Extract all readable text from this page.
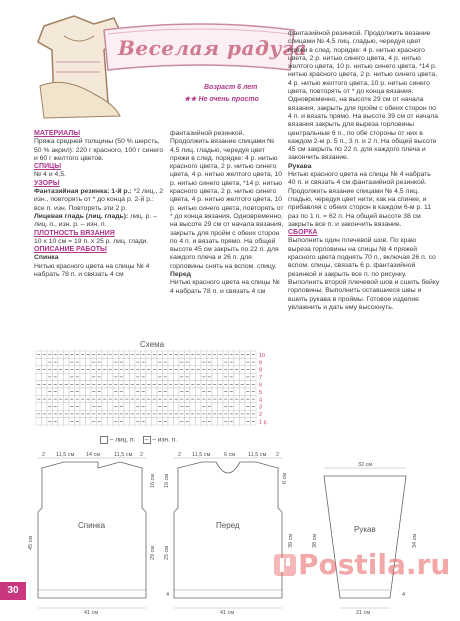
Веселая радуга
Возраст 6 лет
★★ Не очень просто

МАТЕРИАЛЫ

Пряжа средней толщины (50 % шерсть, 50 % акрил): 220 г красного, 100 г синего и 60 г желтого цветов.

СПИЦЫ

№ 4 и 4,5.

УЗОРЫ

Фантазийная резинка: 1-й р.: *2 лиц., 2 изн., повторять от * до конца р. 2-й р.: все п. изн. Повторять эти 2 р.

Лицевая гладь (лиц. гладь): лиц. р. – лиц. п., изн. р. – изн. п.

ПЛОТНОСТЬ ВЯЗАНИЯ

10 х 10 см = 19 п. х 25 р. лиц. глади.

ОПИСАНИЕ РАБОТЫ

Спинка

Нитью красного цвета на спицы № 4 набрать 78 п. и связать 4 см

фантазийной резинкой. Продолжить вязание спицами № 4,5 лиц. гладью, чередуя цвет пряжи в след. порядке: 4 р. нитью красного цвета, 2 р. нитью синего цвета, 4 р. нитью желтого цвета, 10 р. нитью синего цвета, *14 р. нитью красного цвета, 2 р. нитью синего цвета, 4 р. нитью желтого цвета, 10 р. нитью синего цвета, повторять от * до конца вязания. Одновременно, на высоте 29 см от начала вязания, закрыть для пройм с обеих сторон по 4 п. и вязать прямо. На общей высоте 45 см закрыть по 22 п. для каждого плеча и 26 п. для горловины снять на вспом. спицу.

Перед

Нитью красного цвета на спицы № 4 набрать 78 п. и связать 4 см

фантазийной резинкой. Продолжить вязание спицами № 4,5 лиц. гладью, чередуя цвет пряжи в след. порядке: 4 р. нитью красного цвета, 2 р. нитью синего цвета, 4 р. нитью желтого цвета, 10 р. нитью синего цвета, *14 р. нитью красного цвета, 2 р. нитью синего цвета, 4 р. нитью желтого цвета, 10 р. нитью синего цвета, повторять от * до конца вязания. Одновременно, на высоте 29 см от начала вязания, закрыть для пройм с обеих сторон по 4 п. и вязать прямо. На высоте 39 см от начала вязания закрыть для выреза горловины центральные 6 п., по обе стороны от них в каждом 2-м р. 5 п., 3 п. и 2 п. На общей высоте 45 см закрыть по 22 п. для каждого плеча и закончить вязание.

Рукава

Нитью красного цвета на спицы № 4 набрать 40 п. и связать 4 см фантазийной резинкой. Продолжить вязание спицами № 4,5 лиц. гладью, чередуя цвет нити, как на спинке, и прибавляя с обеих сторон в каждом 6-м р. 11 раз по 1 п. = 62 п. На общей высоте 38 см закрыть все п. и закончить вязание.

СБОРКА

Выполнить один плечевой шов. По краю выреза горловины на спицы № 4 пряжей красного цвета поднять 70 п., включая 26 п. со вспом. спицы, связать 6 р. фантазийной резинкой и закрыть все п. по рисунку. Выполнить второй плечевой шов и сшить бейку горловины. Выполнить оставшиеся швы и вшить рукава в проймы. Готовое изделие увлажнить и дать ему высохнуть.

Схема
10
9
8
7
6
5
4
3
2
1 р.
– лиц. п. – – изн. п.
Спинка
2 11,5 см 14 см	11,5 см 2
45 см
16 см
29 см
41 см
Перед
2 11,5 см 6 см 11,5 см 2
6 см
16 см
25 см
39 см
4
41 см
Рукав
32 см
38 см	34 см
4
21 см
30
Postila.ru
